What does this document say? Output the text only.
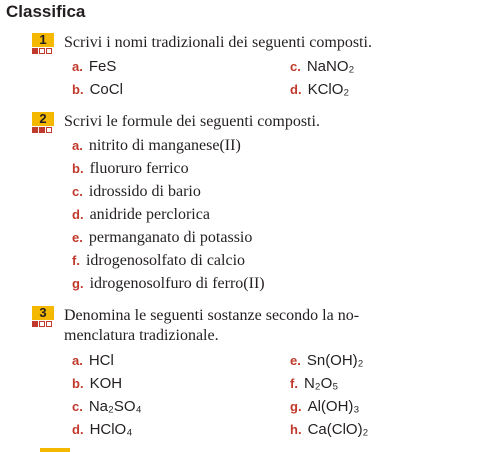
Classifica
1	Scrivi i nomi tradizionali dei seguenti composti.
a. FeS
b. CoCl
c. NaNO₂
d. KClO₂
2	Scrivi le formule dei seguenti composti.
a. nitrito di manganese(II)
b. fluoruro ferrico
c. idrossido di bario
d. anidride perclorica
e. permanganato di potassio
f. idrogenosolfato di calcio
g. idrogenosolfuro di ferro(II)
3	Denomina le seguenti sostanze secondo la no-
menclatura tradizionale.
a. HCl
b. KOH
c. Na₂SO₄
d. HClO₄
e. Sn(OH)₂
f. N₂O₅
g. Al(OH)₃
h. Ca(ClO)₂
